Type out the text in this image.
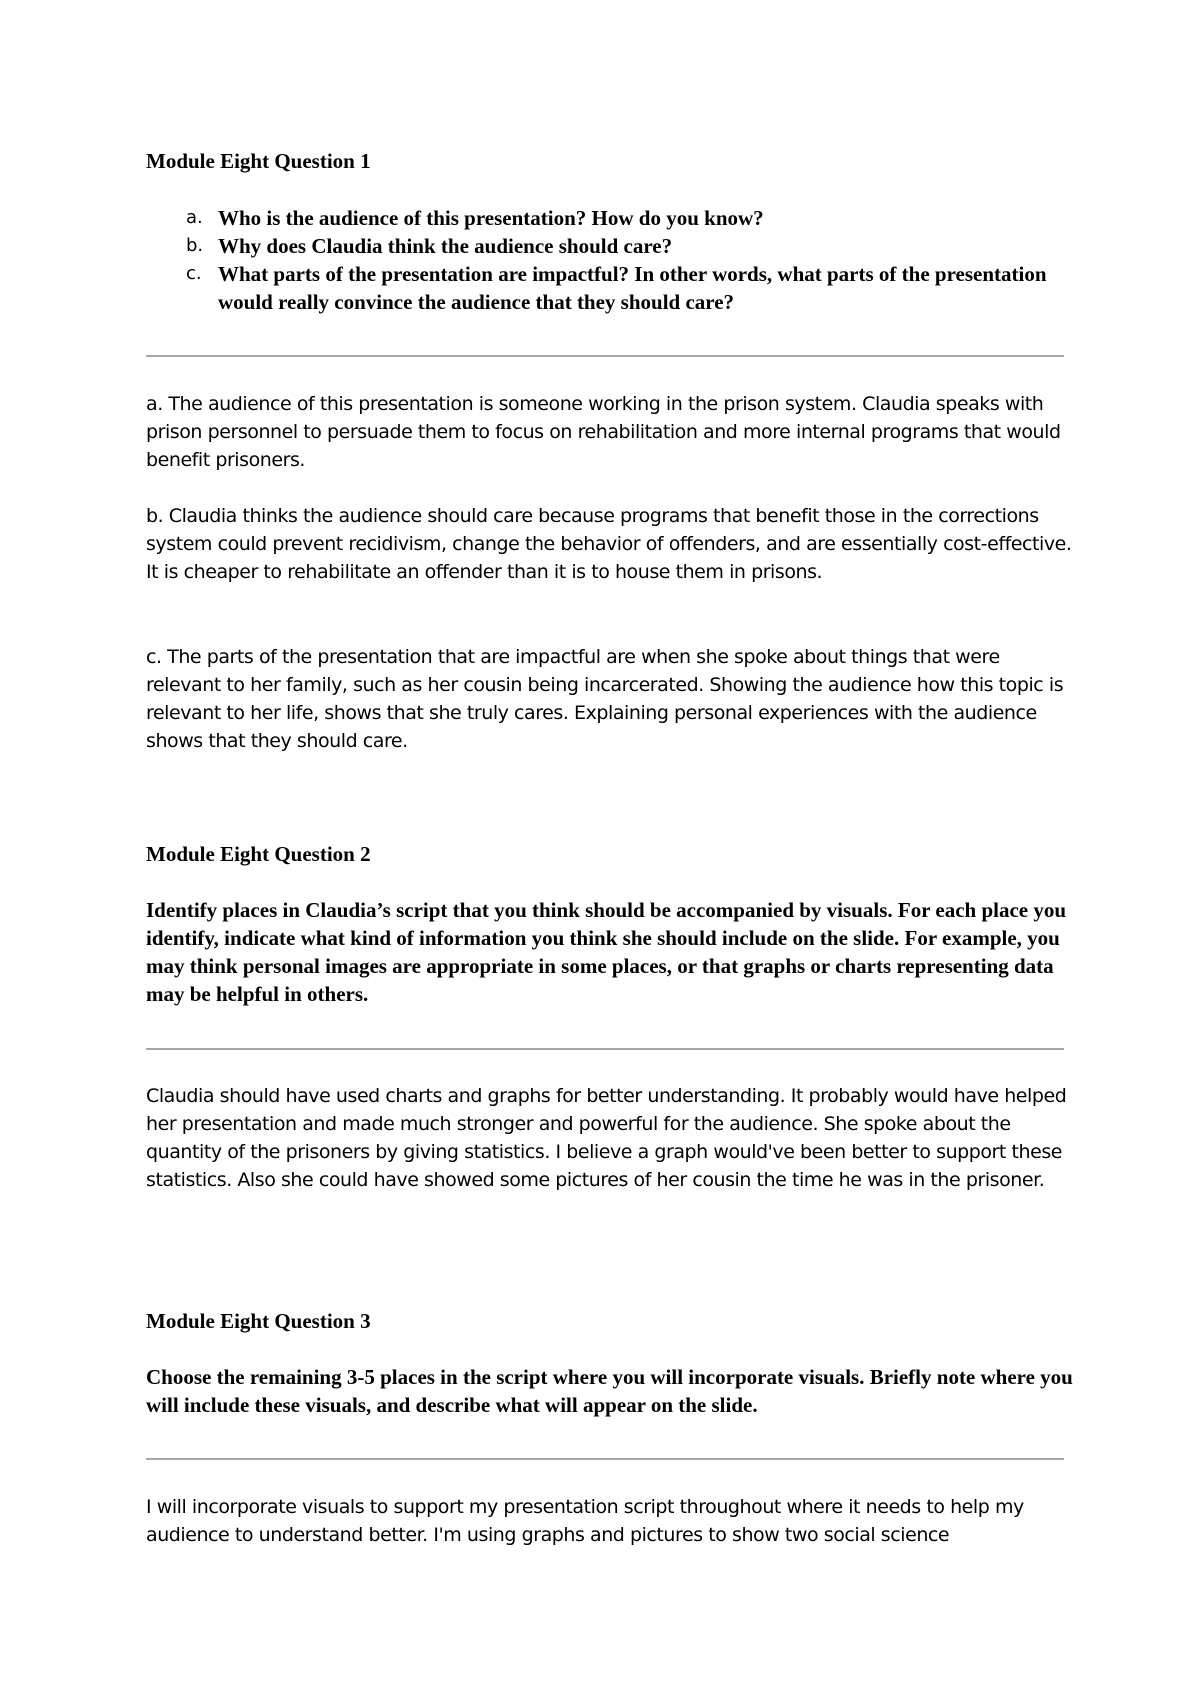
Module Eight Question 1
a. Who is the audience of this presentation? How do you know?
b. Why does Claudia think the audience should care?
c. What parts of the presentation are impactful? In other words, what parts of the presentation would really convince the audience that they should care?

a. The audience of this presentation is someone working in the prison system. Claudia speaks with prison personnel to persuade them to focus on rehabilitation and more internal programs that would benefit prisoners.

b. Claudia thinks the audience should care because programs that benefit those in the corrections system could prevent recidivism, change the behavior of offenders, and are essentially cost-effective. It is cheaper to rehabilitate an offender than it is to house them in prisons.

c. The parts of the presentation that are impactful are when she spoke about things that were relevant to her family, such as her cousin being incarcerated. Showing the audience how this topic is relevant to her life, shows that she truly cares. Explaining personal experiences with the audience shows that they should care.

Module Eight Question 2

Identify places in Claudia’s script that you think should be accompanied by visuals. For each place you identify, indicate what kind of information you think she should include on the slide. For example, you may think personal images are appropriate in some places, or that graphs or charts representing data may be helpful in others.

Claudia should have used charts and graphs for better understanding. It probably would have helped her presentation and made much stronger and powerful for the audience. She spoke about the quantity of the prisoners by giving statistics. I believe a graph would've been better to support these statistics. Also she could have showed some pictures of her cousin the time he was in the prisoner.

Module Eight Question 3

Choose the remaining 3-5 places in the script where you will incorporate visuals. Briefly note where you will include these visuals, and describe what will appear on the slide.

I will incorporate visuals to support my presentation script throughout where it needs to help my audience to understand better. I'm using graphs and pictures to show two social science
